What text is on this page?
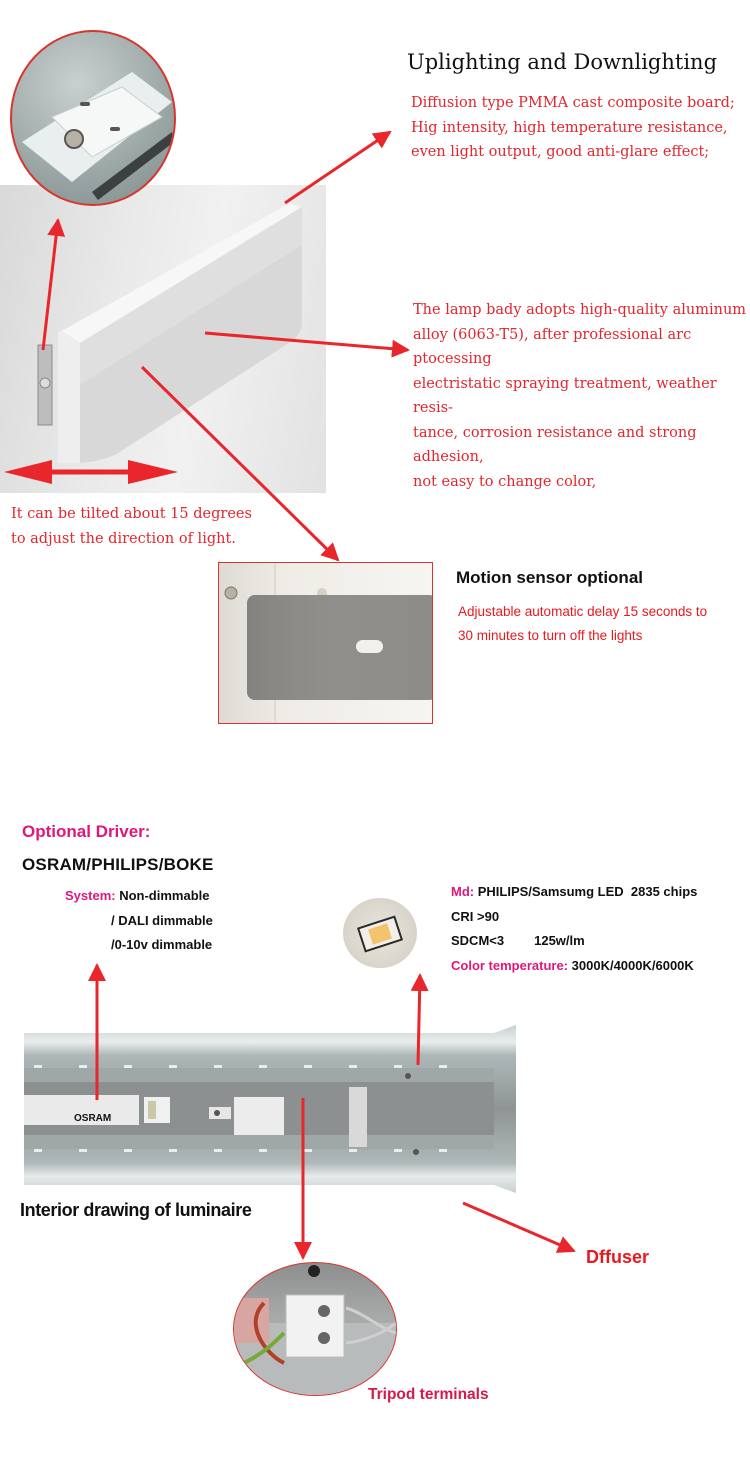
Uplighting and Downlighting
Diffusion type PMMA cast composite board;
Hig intensity, high temperature resistance,
even light output, good anti-glare effect;
The lamp bady adopts high-quality aluminum
alloy (6063-T5), after professional arc ptocessing
electristatic spraying treatment, weather resis-
tance, corrosion resistance and strong adhesion,
not easy to change color,
It can be tilted about 15 degrees
to adjust the direction of light.
Motion sensor optional
Adjustable automatic delay 15 seconds to
30 minutes to turn off the lights
Optional Driver:
OSRAM/PHILIPS/BOKE
System: Non-dimmable
/ DALI dimmable
/0-10v dimmable
Md: PHILIPS/Samsumg LED  2835 chips
CRI >90
SDCM<3 125w/lm
Color temperature: 3000K/4000K/6000K
OSRAM
Interior drawing of luminaire
Dffuser
Tripod terminals
